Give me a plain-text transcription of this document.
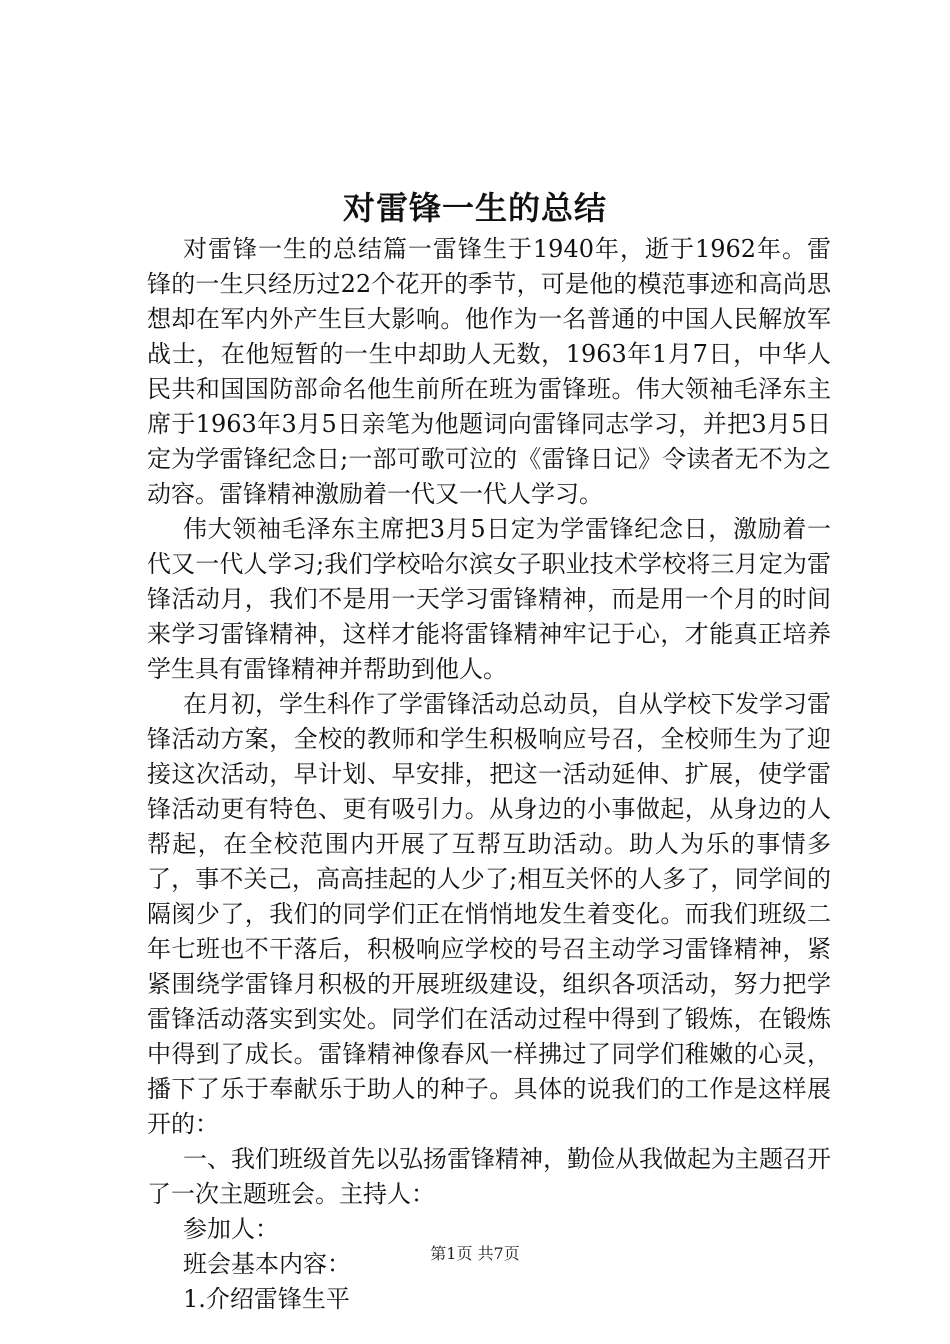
对雷锋一生的总结

对雷锋一生的总结篇一雷锋生于1940年，逝于1962年。雷锋的一生只经历过22个花开的季节，可是他的模范事迹和高尚思想却在军内外产生巨大影响。他作为一名普通的中国人民解放军战士，在他短暂的一生中却助人无数，1963年1月7日，中华人民共和国国防部命名他生前所在班为雷锋班。伟大领袖毛泽东主席于1963年3月5日亲笔为他题词向雷锋同志学习，并把3月5日定为学雷锋纪念日;一部可歌可泣的《雷锋日记》令读者无不为之动容。雷锋精神激励着一代又一代人学习。

伟大领袖毛泽东主席把3月5日定为学雷锋纪念日，激励着一代又一代人学习;我们学校哈尔滨女子职业技术学校将三月定为雷锋活动月，我们不是用一天学习雷锋精神，而是用一个月的时间来学习雷锋精神，这样才能将雷锋精神牢记于心，才能真正培养学生具有雷锋精神并帮助到他人。

在月初，学生科作了学雷锋活动总动员，自从学校下发学习雷锋活动方案，全校的教师和学生积极响应号召，全校师生为了迎接这次活动，早计划、早安排，把这一活动延伸、扩展，使学雷锋活动更有特色、更有吸引力。从身边的小事做起，从身边的人帮起，在全校范围内开展了互帮互助活动。助人为乐的事情多了，事不关己，高高挂起的人少了;相互关怀的人多了，同学间的隔阂少了，我们的同学们正在悄悄地发生着变化。而我们班级二年七班也不干落后，积极响应学校的号召主动学习雷锋精神，紧紧围绕学雷锋月积极的开展班级建设，组织各项活动，努力把学雷锋活动落实到实处。同学们在活动过程中得到了锻炼，在锻炼中得到了成长。雷锋精神像春风一样拂过了同学们稚嫩的心灵，播下了乐于奉献乐于助人的种子。具体的说我们的工作是这样展开的：

一、我们班级首先以弘扬雷锋精神，勤俭从我做起为主题召开了一次主题班会。主持人：

参加人：

班会基本内容：

1.介绍雷锋生平

第1页 共7页
